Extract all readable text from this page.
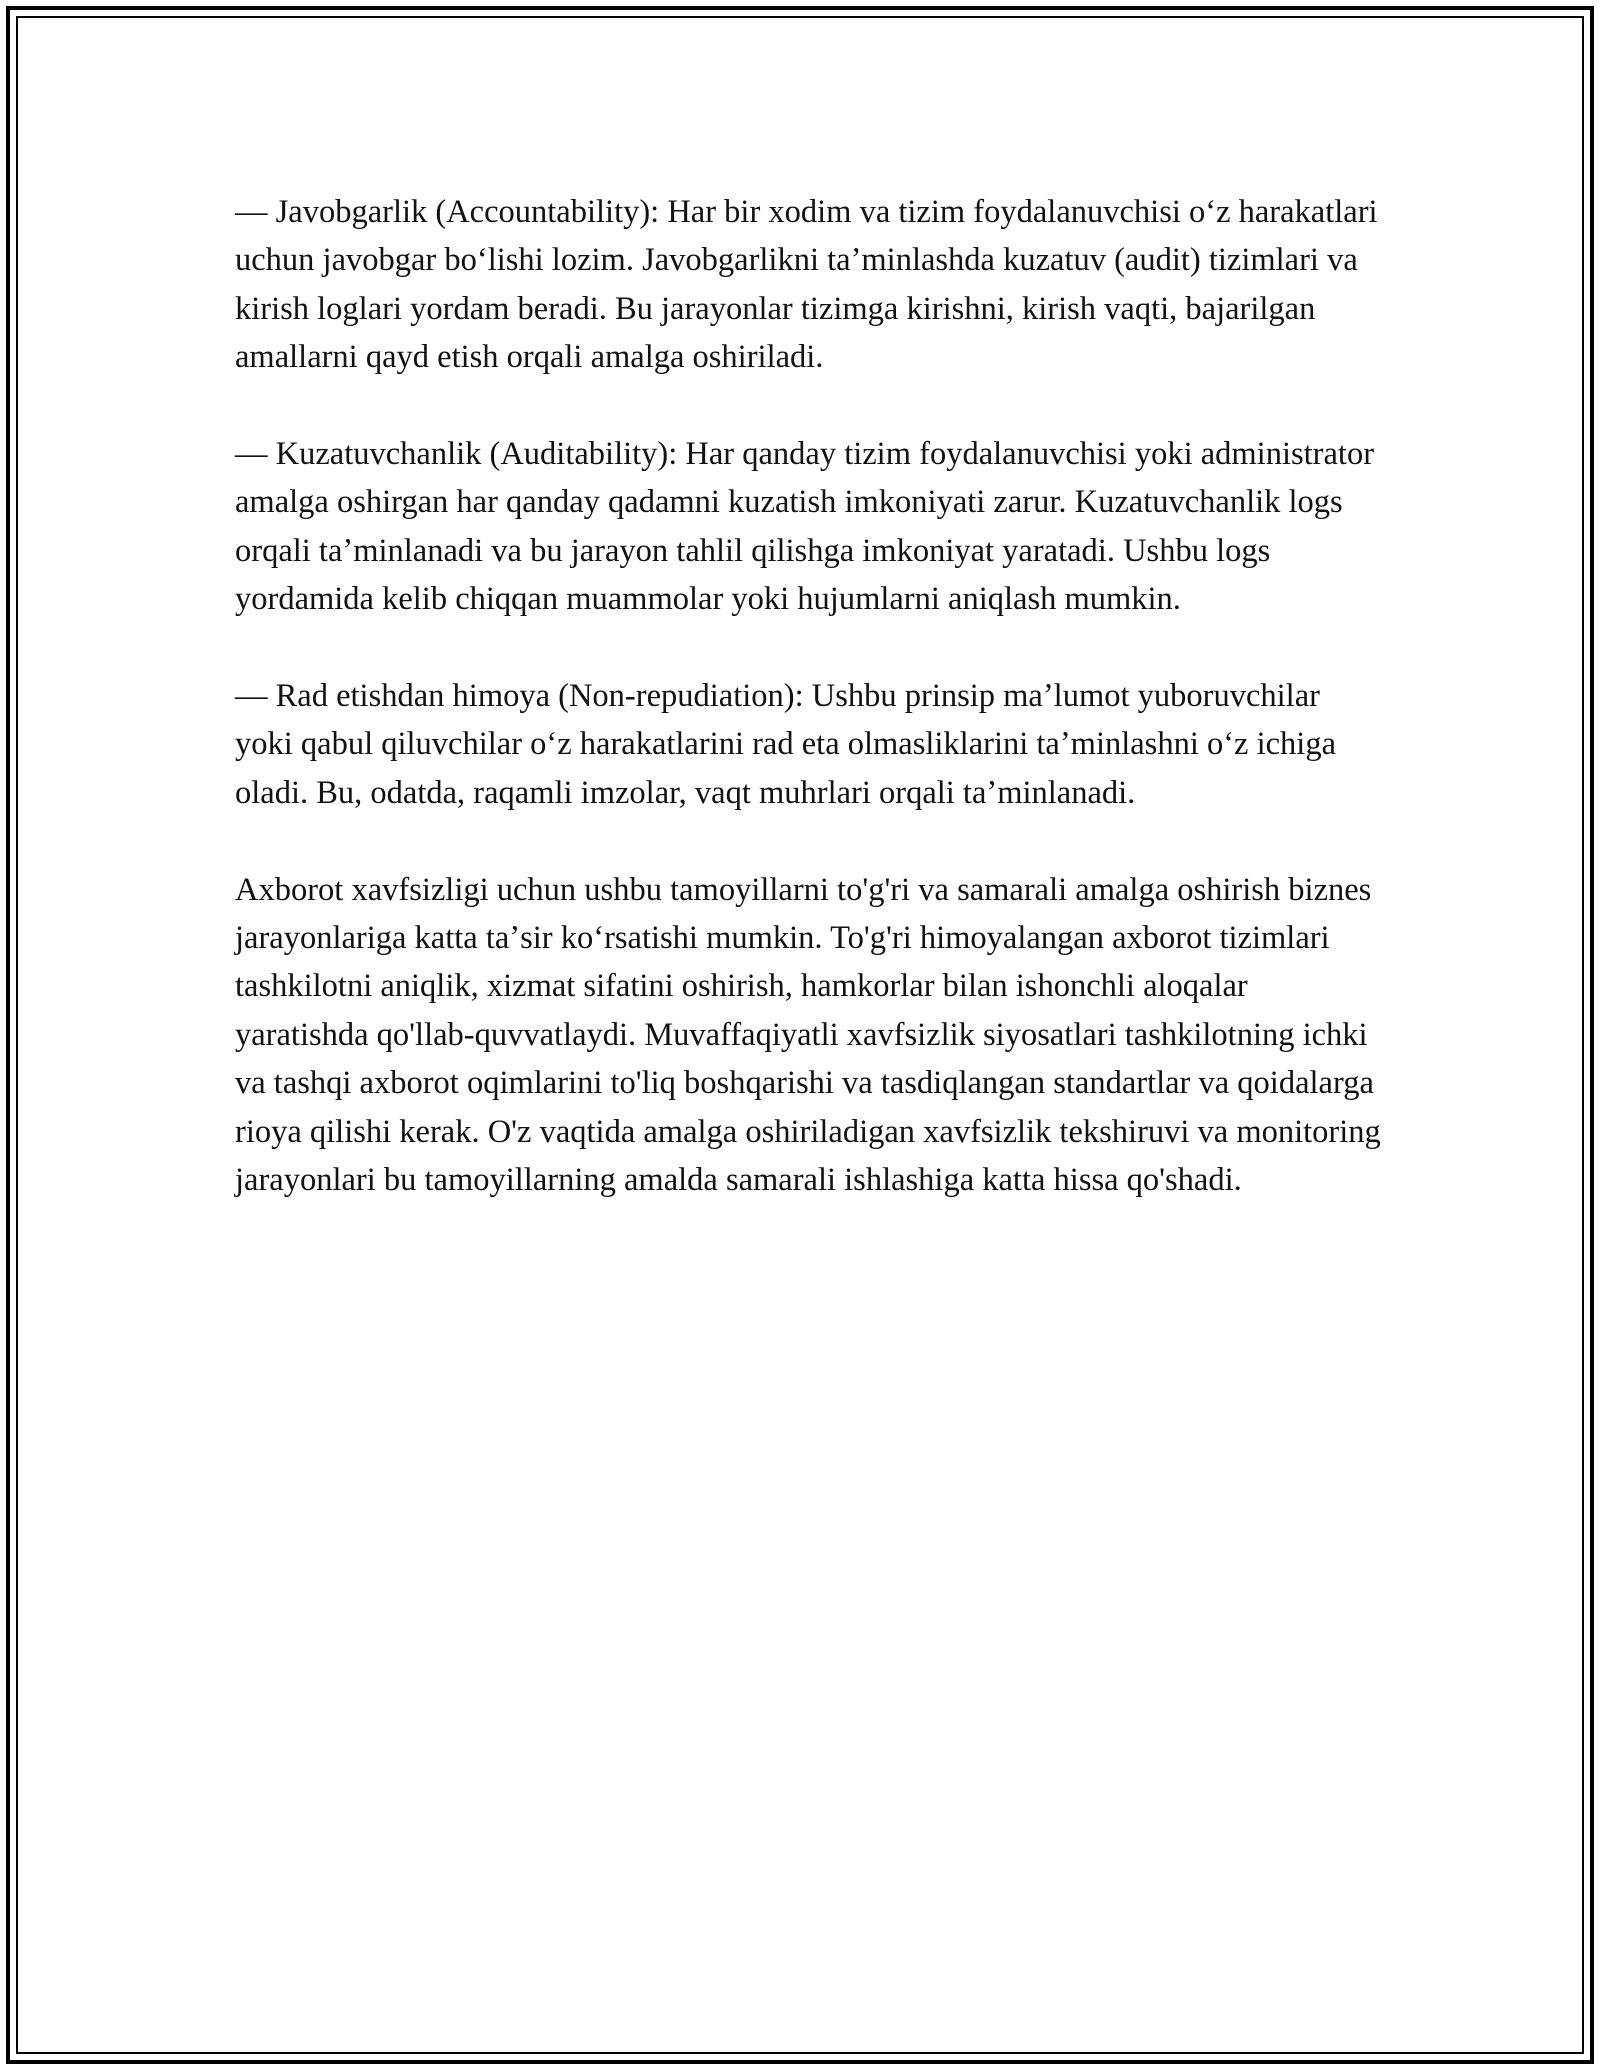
— Javobgarlik (Accountability): Har bir xodim va tizim foydalanuvchisi oʻz harakatlari uchun javobgar boʻlishi lozim. Javobgarlikni taʼminlashda kuzatuv (audit) tizimlari va kirish loglari yordam beradi. Bu jarayonlar tizimga kirishni, kirish vaqti, bajarilgan amallarni qayd etish orqali amalga oshiriladi.

— Kuzatuvchanlik (Auditability): Har qanday tizim foydalanuvchisi yoki administrator amalga oshirgan har qanday qadamni kuzatish imkoniyati zarur. Kuzatuvchanlik logs orqali taʼminlanadi va bu jarayon tahlil qilishga imkoniyat yaratadi. Ushbu logs yordamida kelib chiqqan muammolar yoki hujumlarni aniqlash mumkin.

— Rad etishdan himoya (Non-repudiation): Ushbu prinsip maʼlumot yuboruvchilar yoki qabul qiluvchilar oʻz harakatlarini rad eta olmasliklarini taʼminlashni oʻz ichiga oladi. Bu, odatda, raqamli imzolar, vaqt muhrlari orqali taʼminlanadi.

Axborot xavfsizligi uchun ushbu tamoyillarni to'g'ri va samarali amalga oshirish biznes jarayonlariga katta taʼsir koʻrsatishi mumkin. To'g'ri himoyalangan axborot tizimlari tashkilotni aniqlik, xizmat sifatini oshirish, hamkorlar bilan ishonchli aloqalar yaratishda qo'llab-quvvatlaydi. Muvaffaqiyatli xavfsizlik siyosatlari tashkilotning ichki va tashqi axborot oqimlarini to'liq boshqarishi va tasdiqlangan standartlar va qoidalarga rioya qilishi kerak. O'z vaqtida amalga oshiriladigan xavfsizlik tekshiruvi va monitoring jarayonlari bu tamoyillarning amalda samarali ishlashiga katta hissa qo'shadi.
